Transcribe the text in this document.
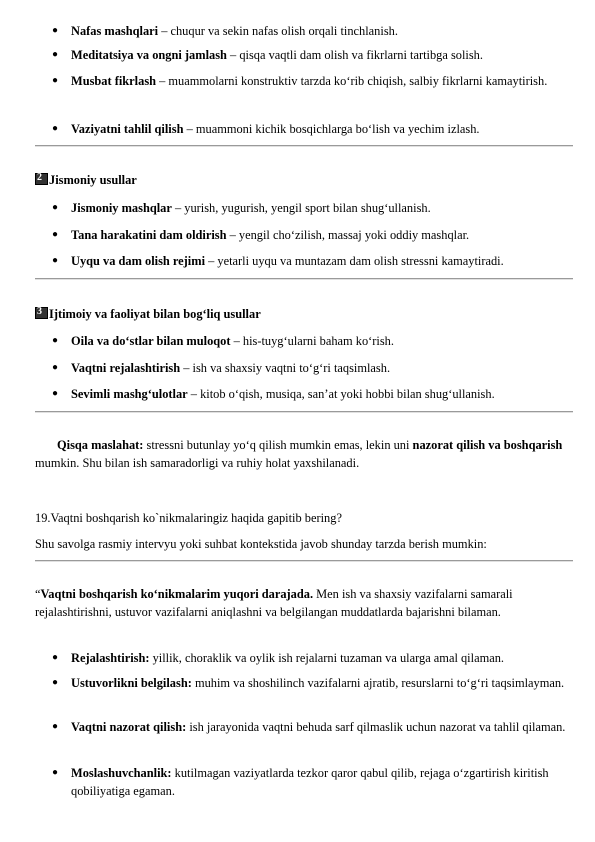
● Nafas mashqlari – chuqur va sekin nafas olish orqali tinchlanish.
● Meditatsiya va ongni jamlash – qisqa vaqtli dam olish va fikrlarni tartibga solish.
● Musbat fikrlash – muammolarni konstruktiv tarzda ko‘rib chiqish, salbiy fikrlarni kamaytirish.
● Vaziyatni tahlil qilish – muammoni kichik bosqichlarga bo‘lish va yechim izlash.
2 Jismoniy usullar
● Jismoniy mashqlar – yurish, yugurish, yengil sport bilan shug‘ullanish.
● Tana harakatini dam oldirish – yengil cho‘zilish, massaj yoki oddiy mashqlar.
● Uyqu va dam olish rejimi – yetarli uyqu va muntazam dam olish stressni kamaytiradi.
3 Ijtimoiy va faoliyat bilan bog‘liq usullar
● Oila va do‘stlar bilan muloqot – his-tuyg‘ularni baham ko‘rish.
● Vaqtni rejalashtirish – ish va shaxsiy vaqtni to‘g‘ri taqsimlash.
● Sevimli mashg‘ulotlar – kitob o‘qish, musiqa, san’at yoki hobbi bilan shug‘ullanish.
Qisqa maslahat: stressni butunlay yo‘q qilish mumkin emas, lekin uni nazorat qilish va boshqarish mumkin. Shu bilan ish samaradorligi va ruhiy holat yaxshilanadi.
19.Vaqtni boshqarish ko`nikmalaringiz haqida gapitib bering?
Shu savolga rasmiy intervyu yoki suhbat kontekstida javob shunday tarzda berish mumkin:
“Vaqtni boshqarish ko‘nikmalarim yuqori darajada. Men ish va shaxsiy vazifalarni samarali rejalashtirishni, ustuvor vazifalarni aniqlashni va belgilangan muddatlarda bajarishni bilaman.
● Rejalashtirish: yillik, choraklik va oylik ish rejalarni tuzaman va ularga amal qilaman.
● Ustuvorlikni belgilash: muhim va shoshilinch vazifalarni ajratib, resurslarni to‘g‘ri taqsimlayman.
● Vaqtni nazorat qilish: ish jarayonida vaqtni behuda sarf qilmaslik uchun nazorat va tahlil qilaman.
● Moslashuvchanlik: kutilmagan vaziyatlarda tezkor qaror qabul qilib, rejaga o‘zgartirish kiritish qobiliyatiga egaman.
